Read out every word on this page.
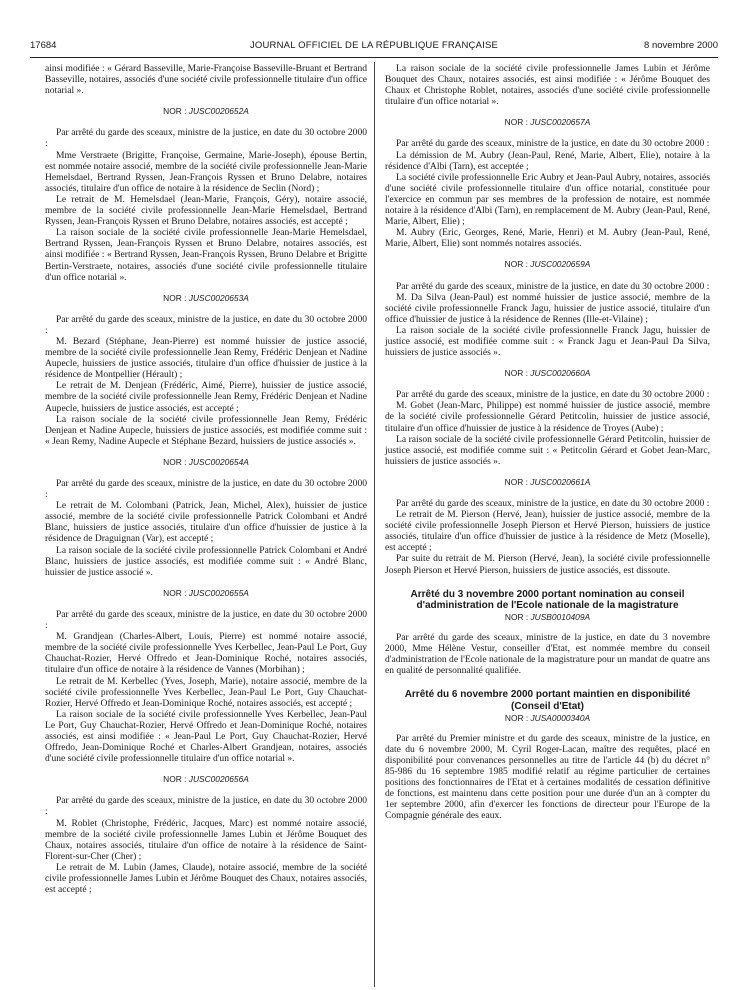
17684	JOURNAL OFFICIEL DE LA RÉPUBLIQUE FRANÇAISE	8 novembre 2000

ainsi modifiée : « Gérard Basseville, Marie-Françoise Basseville-Bruant et Bertrand Basseville, notaires, associés d'une société civile professionnelle titulaire d'un office notarial ».

NOR : JUSC0020652A

Par arrêté du garde des sceaux, ministre de la justice, en date du 30 octobre 2000 :

Mme Verstraete (Brigitte, Françoise, Germaine, Marie-Joseph), épouse Bertin, est nommée notaire associé, membre de la société civile professionnelle Jean-Marie Hemelsdael, Bertrand Ryssen, Jean-François Ryssen et Bruno Delabre, notaires associés, titulaire d'un office de notaire à la résidence de Seclin (Nord) ;

Le retrait de M. Hemelsdael (Jean-Marie, François, Géry), notaire associé, membre de la société civile professionnelle Jean-Marie Hemelsdael, Bertrand Ryssen, Jean-François Ryssen et Bruno Delabre, notaires associés, est accepté ;

La raison sociale de la société civile professionnelle Jean-Marie Hemelsdael, Bertrand Ryssen, Jean-François Ryssen et Bruno Delabre, notaires associés, est ainsi modifiée : « Bertrand Ryssen, Jean-François Ryssen, Bruno Delabre et Brigitte Bertin-Verstraete, notaires, associés d'une société civile professionnelle titulaire d'un office notarial ».

NOR : JUSC0020653A

Par arrêté du garde des sceaux, ministre de la justice, en date du 30 octobre 2000 :

M. Bezard (Stéphane, Jean-Pierre) est nommé huissier de justice associé, membre de la société civile professionnelle Jean Remy, Frédéric Denjean et Nadine Aupecle, huissiers de justice associés, titulaire d'un office d'huissier de justice à la résidence de Montpellier (Hérault) ;

Le retrait de M. Denjean (Frédéric, Aimé, Pierre), huissier de justice associé, membre de la société civile professionnelle Jean Remy, Frédéric Denjean et Nadine Aupecle, huissiers de justice associés, est accepté ;

La raison sociale de la société civile professionnelle Jean Remy, Frédéric Denjean et Nadine Aupecle, huissiers de justice associés, est modifiée comme suit : « Jean Remy, Nadine Aupecle et Stéphane Bezard, huissiers de justice associés ».

NOR : JUSC0020654A

Par arrêté du garde des sceaux, ministre de la justice, en date du 30 octobre 2000 :

Le retrait de M. Colombani (Patrick, Jean, Michel, Alex), huissier de justice associé, membre de la société civile professionnelle Patrick Colombani et André Blanc, huissiers de justice associés, titulaire d'un office d'huissier de justice à la résidence de Draguignan (Var), est accepté ;

La raison sociale de la société civile professionnelle Patrick Colombani et André Blanc, huissiers de justice associés, est modifiée comme suit : « André Blanc, huissier de justice associé ».

NOR : JUSC0020655A

Par arrêté du garde des sceaux, ministre de la justice, en date du 30 octobre 2000 :

M. Grandjean (Charles-Albert, Louis, Pierre) est nommé notaire associé, membre de la société civile professionnelle Yves Kerbellec, Jean-Paul Le Port, Guy Chauchat-Rozier, Hervé Offredo et Jean-Dominique Roché, notaires associés, titulaire d'un office de notaire à la résidence de Vannes (Morbihan) ;

Le retrait de M. Kerbellec (Yves, Joseph, Marie), notaire associé, membre de la société civile professionnelle Yves Kerbellec, Jean-Paul Le Port, Guy Chauchat-Rozier, Hervé Offredo et Jean-Dominique Roché, notaires associés, est accepté ;

La raison sociale de la société civile professionnelle Yves Kerbellec, Jean-Paul Le Port, Guy Chauchat-Rozier, Hervé Offredo et Jean-Dominique Roché, notaires associés, est ainsi modifiée : « Jean-Paul Le Port, Guy Chauchat-Rozier, Hervé Offredo, Jean-Dominique Roché et Charles-Albert Grandjean, notaires, associés d'une société civile professionnelle titulaire d'un office notarial ».

NOR : JUSC0020656A

Par arrêté du garde des sceaux, ministre de la justice, en date du 30 octobre 2000 :

M. Roblet (Christophe, Frédéric, Jacques, Marc) est nommé notaire associé, membre de la société civile professionnelle James Lubin et Jérôme Bouquet des Chaux, notaires associés, titulaire d'un office de notaire à la résidence de Saint-Florent-sur-Cher (Cher) ;

Le retrait de M. Lubin (James, Claude), notaire associé, membre de la société civile professionnelle James Lubin et Jérôme Bouquet des Chaux, notaires associés, est accepté ;

La raison sociale de la société civile professionnelle James Lubin et Jérôme Bouquet des Chaux, notaires associés, est ainsi modifiée : « Jérôme Bouquet des Chaux et Christophe Roblet, notaires, associés d'une société civile professionnelle titulaire d'un office notarial ».

NOR : JUSC0020657A

Par arrêté du garde des sceaux, ministre de la justice, en date du 30 octobre 2000 :

La démission de M. Aubry (Jean-Paul, René, Marie, Albert, Elie), notaire à la résidence d'Albi (Tarn), est acceptée ;

La société civile professionnelle Eric Aubry et Jean-Paul Aubry, notaires, associés d'une société civile professionnelle titulaire d'un office notarial, constituée pour l'exercice en commun par ses membres de la profession de notaire, est nommée notaire à la résidence d'Albi (Tarn), en remplacement de M. Aubry (Jean-Paul, René, Marie, Albert, Elie) ;

M. Aubry (Eric, Georges, René, Marie, Henri) et M. Aubry (Jean-Paul, René, Marie, Albert, Elie) sont nommés notaires associés.

NOR : JUSC0020659A

Par arrêté du garde des sceaux, ministre de la justice, en date du 30 octobre 2000 :

M. Da Silva (Jean-Paul) est nommé huissier de justice associé, membre de la société civile professionnelle Franck Jagu, huissier de justice associé, titulaire d'un office d'huissier de justice à la résidence de Rennes (Ille-et-Vilaine) ;

La raison sociale de la société civile professionnelle Franck Jagu, huissier de justice associé, est modifiée comme suit : « Franck Jagu et Jean-Paul Da Silva, huissiers de justice associés ».

NOR : JUSC0020660A

Par arrêté du garde des sceaux, ministre de la justice, en date du 30 octobre 2000 :

M. Gobet (Jean-Marc, Philippe) est nommé huissier de justice associé, membre de la société civile professionnelle Gérard Petitcolin, huissier de justice associé, titulaire d'un office d'huissier de justice à la résidence de Troyes (Aube) ;

La raison sociale de la société civile professionnelle Gérard Petitcolin, huissier de justice associé, est modifiée comme suit : « Petitcolin Gérard et Gobet Jean-Marc, huissiers de justice associés ».

NOR : JUSC0020661A

Par arrêté du garde des sceaux, ministre de la justice, en date du 30 octobre 2000 :

Le retrait de M. Pierson (Hervé, Jean), huissier de justice associé, membre de la société civile professionnelle Joseph Pierson et Hervé Pierson, huissiers de justice associés, titulaire d'un office d'huissier de justice à la résidence de Metz (Moselle), est accepté ;

Par suite du retrait de M. Pierson (Hervé, Jean), la société civile professionnelle Joseph Pierson et Hervé Pierson, huissiers de justice associés, est dissoute.

Arrêté du 3 novembre 2000 portant nomination au conseil d'administration de l'Ecole nationale de la magistrature
NOR : JUSB0010409A

Par arrêté du garde des sceaux, ministre de la justice, en date du 3 novembre 2000, Mme Hélène Vestur, conseiller d'Etat, est nommée membre du conseil d'administration de l'Ecole nationale de la magistrature pour un mandat de quatre ans en qualité de personnalité qualifiée.

Arrêté du 6 novembre 2000 portant maintien en disponibilité (Conseil d'Etat)
NOR : JUSA0000340A

Par arrêté du Premier ministre et du garde des sceaux, ministre de la justice, en date du 6 novembre 2000, M. Cyril Roger-Lacan, maître des requêtes, placé en disponibilité pour convenances personnelles au titre de l'article 44 (b) du décret n° 85-986 du 16 septembre 1985 modifié relatif au régime particulier de certaines positions des fonctionnaires de l'Etat et à certaines modalités de cessation définitive de fonctions, est maintenu dans cette position pour une durée d'un an à compter du 1er septembre 2000, afin d'exercer les fonctions de directeur pour l'Europe de la Compagnie générale des eaux.
